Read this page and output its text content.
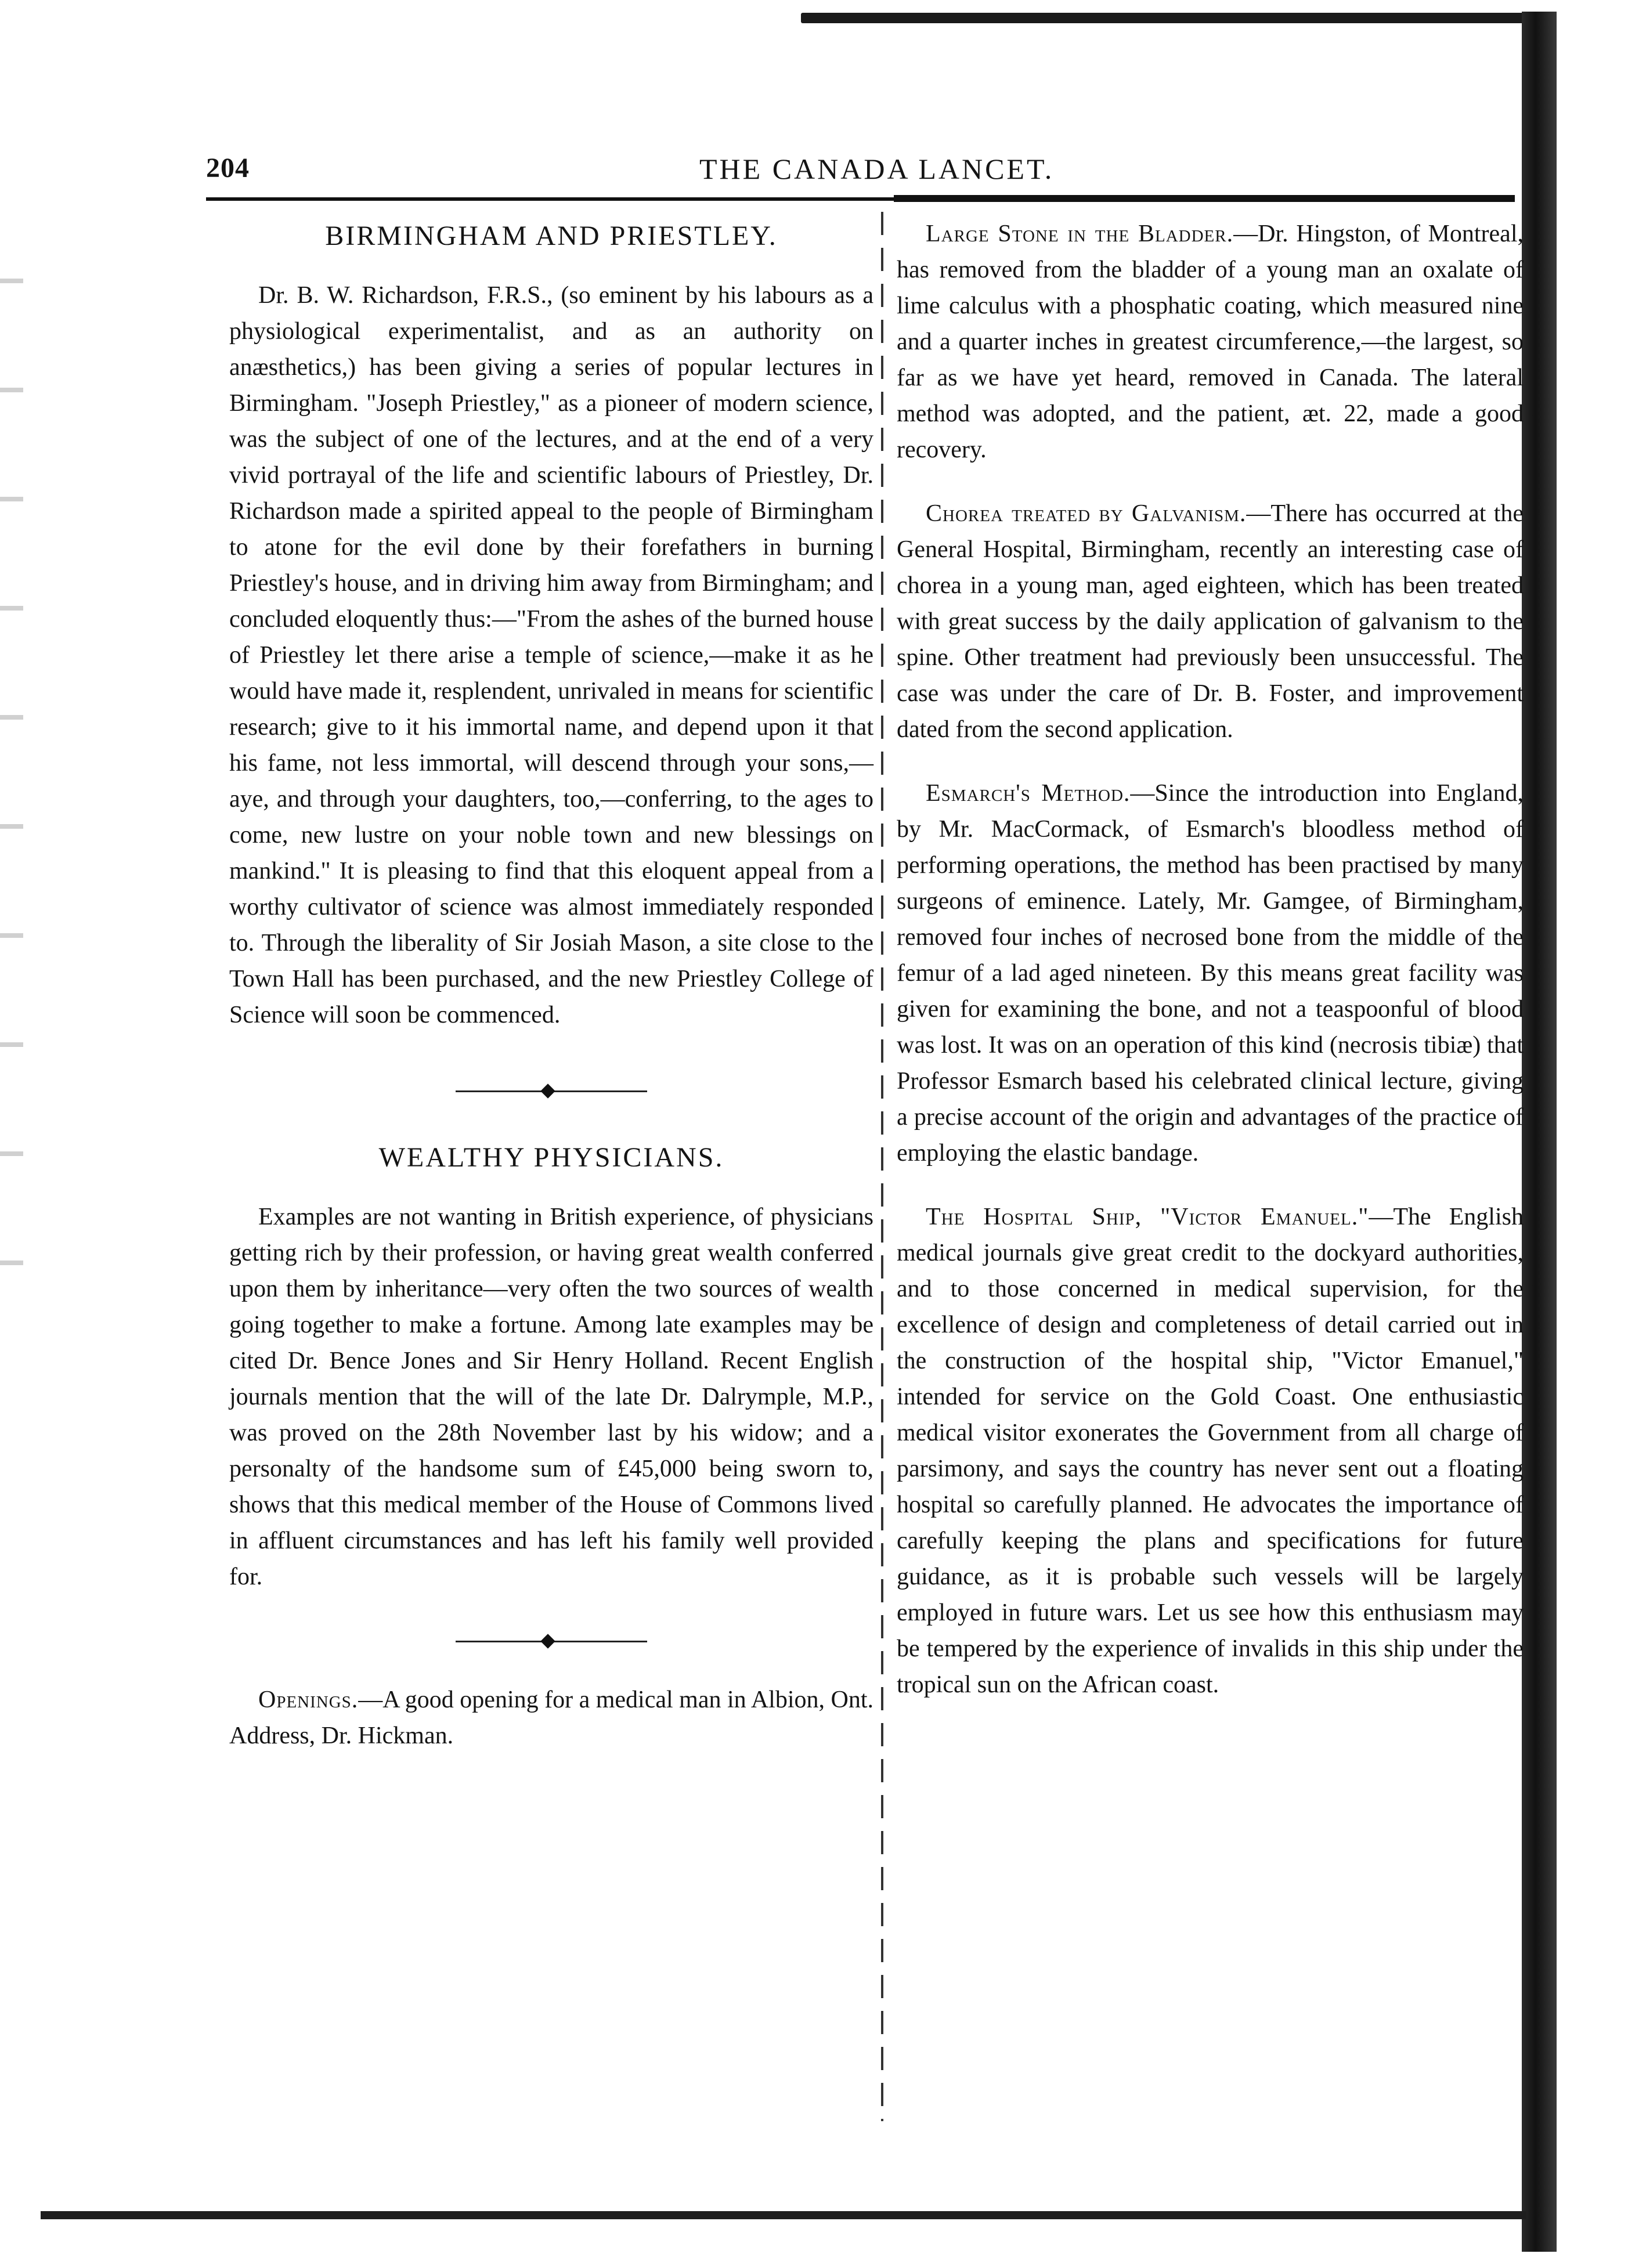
204	THE CANADA LANCET.
BIRMINGHAM AND PRIESTLEY.

Dr. B. W. Richardson, F.R.S., (so eminent by his labours as a physiological experimentalist, and as an authority on anæsthetics,) has been giving a series of popular lectures in Birmingham. "Joseph Priestley," as a pioneer of modern science, was the subject of one of the lectures, and at the end of a very vivid portrayal of the life and scientific labours of Priestley, Dr. Richardson made a spirited appeal to the people of Birmingham to atone for the evil done by their forefathers in burning Priestley's house, and in driving him away from Birmingham; and concluded eloquently thus:—"From the ashes of the burned house of Priestley let there arise a temple of science,—make it as he would have made it, resplendent, unrivaled in means for scientific research; give to it his immortal name, and depend upon it that his fame, not less immortal, will descend through your sons,—aye, and through your daughters, too,—conferring, to the ages to come, new lustre on your noble town and new blessings on mankind." It is pleasing to find that this eloquent appeal from a worthy cultivator of science was almost immediately responded to. Through the liberality of Sir Josiah Mason, a site close to the Town Hall has been purchased, and the new Priestley College of Science will soon be commenced.

WEALTHY PHYSICIANS.

Examples are not wanting in British experience, of physicians getting rich by their profession, or having great wealth conferred upon them by inheritance—very often the two sources of wealth going together to make a fortune. Among late examples may be cited Dr. Bence Jones and Sir Henry Holland. Recent English journals mention that the will of the late Dr. Dalrymple, M.P., was proved on the 28th November last by his widow; and a personalty of the handsome sum of £45,000 being sworn to, shows that this medical member of the House of Commons lived in affluent circumstances and has left his family well provided for.

Openings.—A good opening for a medical man in Albion, Ont. Address, Dr. Hickman.

Large Stone in the Bladder.—Dr. Hingston, of Montreal, has removed from the bladder of a young man an oxalate of lime calculus with a phosphatic coating, which measured nine and a quarter inches in greatest circumference,—the largest, so far as we have yet heard, removed in Canada. The lateral method was adopted, and the patient, æt. 22, made a good recovery.

Chorea treated by Galvanism.—There has occurred at the General Hospital, Birmingham, recently an interesting case of chorea in a young man, aged eighteen, which has been treated with great success by the daily application of galvanism to the spine. Other treatment had previously been unsuccessful. The case was under the care of Dr. B. Foster, and improvement dated from the second application.

Esmarch's Method.—Since the introduction into England, by Mr. MacCormack, of Esmarch's bloodless method of performing operations, the method has been practised by many surgeons of eminence. Lately, Mr. Gamgee, of Birmingham, removed four inches of necrosed bone from the middle of the femur of a lad aged nineteen. By this means great facility was given for examining the bone, and not a teaspoonful of blood was lost. It was on an operation of this kind (necrosis tibiæ) that Professor Esmarch based his celebrated clinical lecture, giving a precise account of the origin and advantages of the practice of employing the elastic bandage.

The Hospital Ship, "Victor Emanuel."—The English medical journals give great credit to the dockyard authorities, and to those concerned in medical supervision, for the excellence of design and completeness of detail carried out in the construction of the hospital ship, "Victor Emanuel," intended for service on the Gold Coast. One enthusiastic medical visitor exonerates the Government from all charge of parsimony, and says the country has never sent out a floating hospital so carefully planned. He advocates the importance of carefully keeping the plans and specifications for future guidance, as it is probable such vessels will be largely employed in future wars. Let us see how this enthusiasm may be tempered by the experience of invalids in this ship under the tropical sun on the African coast.
